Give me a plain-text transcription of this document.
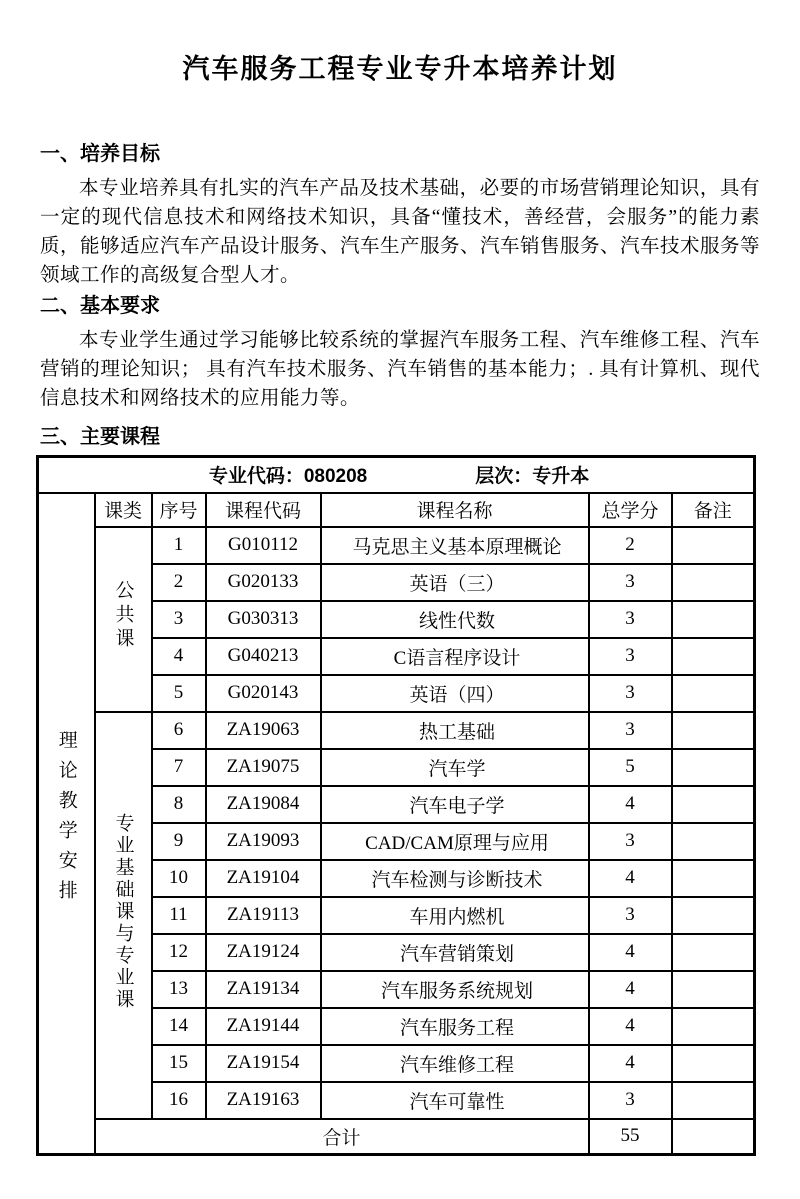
汽车服务工程专业专升本培养计划
一、培养目标

本专业培养具有扎实的汽车产品及技术基础，必要的市场营销理论知识，具有一定的现代信息技术和网络技术知识，具备“懂技术，善经营，会服务”的能力素质，能够适应汽车产品设计服务、汽车生产服务、汽车销售服务、汽车技术服务等领域工作的高级复合型人才。

二、基本要求

本专业学生通过学习能够比较系统的掌握汽车服务工程、汽车维修工程、汽车营销的理论知识； 具有汽车技术服务、汽车销售的基本能力；. 具有计算机、现代信息技术和网络技术的应用能力等。

三、主要课程
专业代码：080208 层次：专升本						
理论教学安排	课类	序号	课程代码	课程名称	总学分	备注
	公共课	1	G010112	马克思主义基本原理概论	2	
		2	G020133	英语（三）	3	
		3	G030313	线性代数	3	
		4	G040213	C语言程序设计	3	
		5	G020143	英语（四）	3	
	专业基础课与专业课	6	ZA19063	热工基础	3	
		7	ZA19075	汽车学	5	
		8	ZA19084	汽车电子学	4	
		9	ZA19093	CAD/CAM原理与应用	3	
		10	ZA19104	汽车检测与诊断技术	4	
		11	ZA19113	车用内燃机	3	
		12	ZA19124	汽车营销策划	4	
		13	ZA19134	汽车服务系统规划	4	
		14	ZA19144	汽车服务工程	4	
		15	ZA19154	汽车维修工程	4	
		16	ZA19163	汽车可靠性	3	
	合计				55	
